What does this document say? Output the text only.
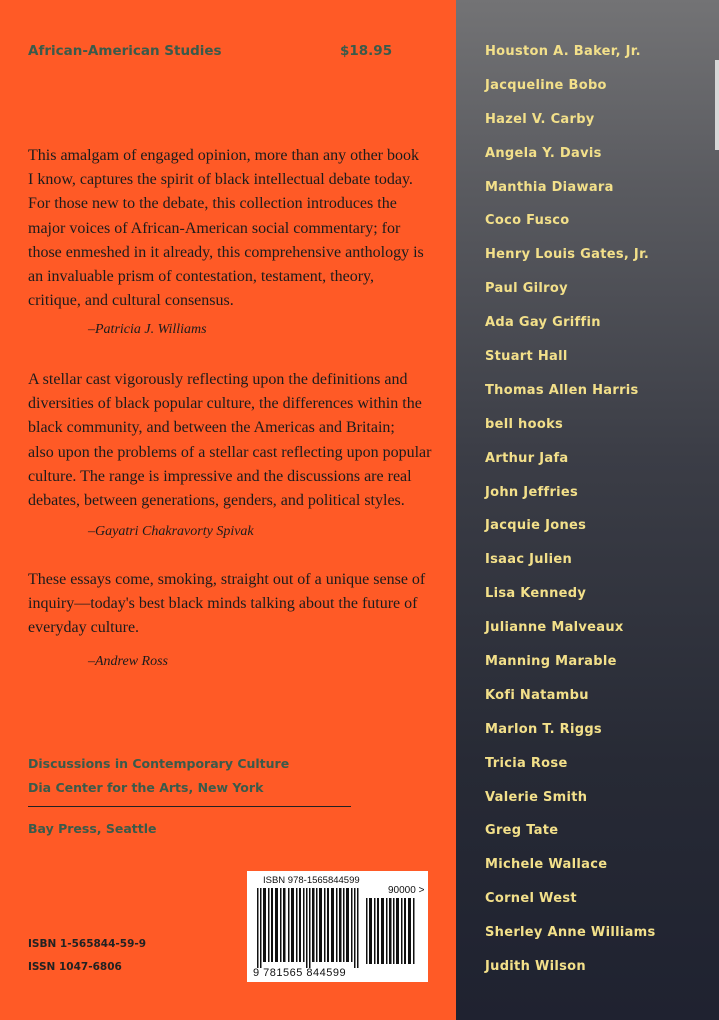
African-American Studies	$18.95
This amalgam of engaged opinion, more than any other book
I know, captures the spirit of black intellectual debate today.
For those new to the debate, this collection introduces the
major voices of African-American social commentary; for
those enmeshed in it already, this comprehensive anthology is
an invaluable prism of contestation, testament, theory,
critique, and cultural consensus.
–Patricia J. Williams
A stellar cast vigorously reflecting upon the definitions and
diversities of black popular culture, the differences within the
black community, and between the Americas and Britain;
also upon the problems of a stellar cast reflecting upon popular
culture. The range is impressive and the discussions are real
debates, between generations, genders, and political styles.
–Gayatri Chakravorty Spivak
These essays come, smoking, straight out of a unique sense of
inquiry—today's best black minds talking about the future of
everyday culture.
–Andrew Ross
Discussions in Contemporary Culture
Dia Center for the Arts, New York
Bay Press, Seattle
ISBN 1-565844-59-9
ISSN 1047-6806
ISBN 978-1565844599
90000 >
9 781565 844599
Houston A. Baker, Jr.
Jacqueline Bobo
Hazel V. Carby
Angela Y. Davis
Manthia Diawara
Coco Fusco
Henry Louis Gates, Jr.
Paul Gilroy
Ada Gay Griffin
Stuart Hall
Thomas Allen Harris
bell hooks
Arthur Jafa
John Jeffries
Jacquie Jones
Isaac Julien
Lisa Kennedy
Julianne Malveaux
Manning Marable
Kofi Natambu
Marlon T. Riggs
Tricia Rose
Valerie Smith
Greg Tate
Michele Wallace
Cornel West
Sherley Anne Williams
Judith Wilson
